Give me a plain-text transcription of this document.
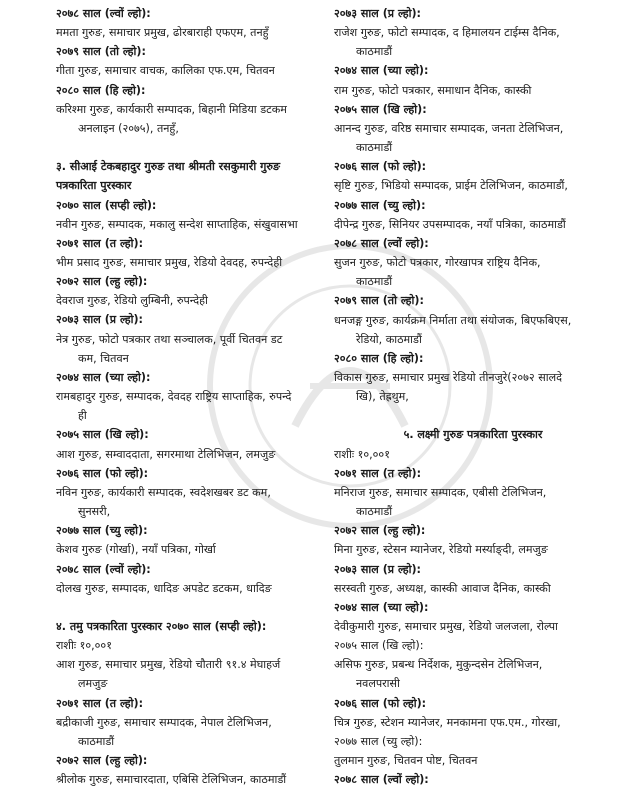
२०७८ साल (ल्वों ल्हो):
ममता गुरुङ, समाचार प्रमुख, ढोरबाराही एफएम, तनहुँ
२०७९ साल (तो ल्हो):
गीता गुरुङ, समाचार वाचक, कालिका एफ.एम, चितवन
२०८० साल (हि ल्हो):
करिश्मा गुरुङ, कार्यकारी सम्पादक, बिहानी मिडिया डटकम
अनलाइन (२०७५), तनहुँ,
३. सीआई टेकबहादुर गुरुङ तथा श्रीमती रसकुमारी गुरुङ
पत्रकारिता पुरस्कार
२०७० साल (सप्ही ल्हो):
नवीन गुरुङ, सम्पादक, मकालु सन्देश साप्ताहिक, संखुवासभा
२०७१ साल (त ल्हो):
भीम प्रसाद गुरुङ, समाचार प्रमुख, रेडियो देवदह, रुपन्देही
२०७२ साल (ल्हु ल्हो):
देवराज गुरुङ, रेडियो लुम्बिनी, रुपन्देही
२०७३ साल (प्र ल्हो):
नेत्र गुरुङ, फोटो पत्रकार तथा सञ्चालक, पूर्वी चितवन डट
कम, चितवन
२०७४ साल (च्या ल्हो):
रामबहादुर गुरुङ, सम्पादक, देवदह राष्ट्रिय साप्ताहिक, रुपन्दे
ही
२०७५ साल (खि ल्हो):
आश गुरुङ, सम्वाददाता, सगरमाथा टेलिभिजन, लमजुङ
२०७६ साल (फो ल्हो):
नविन गुरुङ, कार्यकारी सम्पादक, स्वदेशखबर डट कम,
सुनसरी,
२०७७ साल (च्यु ल्हो):
केशव गुरुङ (गोर्खा), नयाँ पत्रिका, गोर्खा
२०७८ साल (ल्वों ल्हो):
दोलख गुरुङ, सम्पादक, धादिङ अपडेट डटकम, धादिङ
४. तमु पत्रकारिता पुरस्कार २०७० साल (सप्ही ल्हो):
राशीः १०,००१
आश गुरुङ, समाचार प्रमुख, रेडियो चौतारी ९१.४ मेघाहर्ज
लमजुङ
२०७१ साल (त ल्हो):
बद्रीकाजी गुरुङ, समाचार सम्पादक, नेपाल टेलिभिजन,
काठमाडौं
२०७२ साल (ल्हु ल्हो):
श्रीलोक गुरुङ, समाचारदाता, एबिसि टेलिभिजन, काठमाडौं
२०७३ साल (प्र ल्हो):
राजेश गुरुङ, फोटो सम्पादक, द हिमालयन टाईम्स दैनिक,
काठमाडौं
२०७४ साल (च्या ल्हो):
राम गुरुङ, फोटो पत्रकार, समाधान दैनिक, कास्की
२०७५ साल (खि ल्हो):
आनन्द गुरुङ, वरिष्ठ समाचार सम्पादक, जनता टेलिभिजन,
काठमाडौं
२०७६ साल (फो ल्हो):
सृष्टि गुरुङ, भिडियो सम्पादक, प्राईम टेलिभिजन, काठमाडौं,
२०७७ साल (च्यु ल्हो):
दीपेन्द्र गुरुङ, सिनियर उपसम्पादक, नयाँ पत्रिका, काठमाडौं
२०७८ साल (ल्वों ल्हो):
सुजन गुरुङ, फोटो पत्रकार, गोरखापत्र राष्ट्रिय दैनिक,
काठमाडौं
२०७९ साल (तो ल्हो):
धनजङ्ग गुरुङ, कार्यक्रम निर्माता तथा संयोजक, बिएफबिएस,
रेडियो, काठमाडौं
२०८० साल (हि ल्हो):
विकास गुरुङ, समाचार प्रमुख रेडियो तीनजुरे(२०७२ सालदे
खि), तेह्रथुम,
५. लक्ष्मी गुरुङ पत्रकारिता पुरस्कार
राशीः १०,००१
२०७१ साल (त ल्हो):
मनिराज गुरुङ, समाचार सम्पादक, एबीसी टेलिभिजन,
काठमाडौं
२०७२ साल (ल्हु ल्हो):
मिना गुरुङ, स्टेसन म्यानेजर, रेडियो मर्स्याङ्दी, लमजुङ
२०७३ साल (प्र ल्हो):
सरस्वती गुरुङ, अध्यक्ष, कास्की आवाज दैनिक, कास्की
२०७४ साल (च्या ल्हो):
देवीकुमारी गुरुङ, समाचार प्रमुख, रेडियो जलजला, रोल्पा
२०७५ साल (खि ल्हो):
असिफ गुरुङ, प्रबन्ध निर्देशक, मुकुन्दसेन टेलिभिजन,
नवलपरासी
२०७६ साल (फो ल्हो):
चित्र गुरुङ, स्टेशन म्यानेजर, मनकामना एफ.एम., गोरखा,
२०७७ साल (च्यु ल्हो):
तुलमान गुरुङ, चितवन पोष्ट, चितवन
२०७८ साल (ल्वों ल्हो):
